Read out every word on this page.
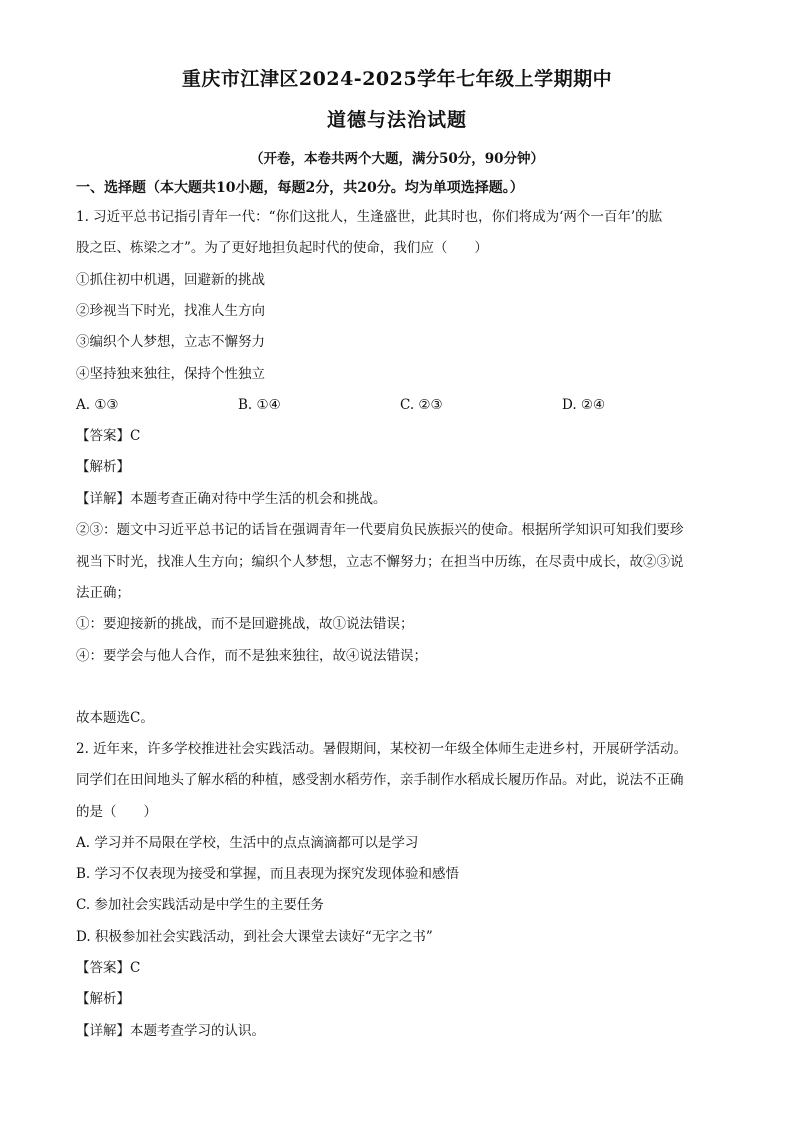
重庆市江津区2024-2025学年七年级上学期期中
道德与法治试题
（开卷，本卷共两个大题，满分50分，90分钟）
一、选择题（本大题共10小题，每题2分，共20分。均为单项选择题。）
1. 习近平总书记指引青年一代：“你们这批人，生逢盛世，此其时也，你们将成为‘两个一百年’的肱
股之臣、栋梁之才”。为了更好地担负起时代的使命，我们应（　　）
①抓住初中机遇，回避新的挑战
②珍视当下时光，找准人生方向
③编织个人梦想，立志不懈努力
④坚持独来独往，保持个性独立
A. ①③	B. ①④	C. ②③	D. ②④
【答案】C
【解析】
【详解】本题考查正确对待中学生活的机会和挑战。
②③：题文中习近平总书记的话旨在强调青年一代要肩负民族振兴的使命。根据所学知识可知我们要珍
视当下时光，找准人生方向；编织个人梦想，立志不懈努力；在担当中历练，在尽责中成长，故②③说
法正确；
①：要迎接新的挑战，而不是回避挑战，故①说法错误；
④：要学会与他人合作，而不是独来独往，故④说法错误；
故本题选C。
2. 近年来，许多学校推进社会实践活动。暑假期间，某校初一年级全体师生走进乡村，开展研学活动。
同学们在田间地头了解水稻的种植，感受割水稻劳作，亲手制作水稻成长履历作品。对此，说法不正确
的是（　　）
A. 学习并不局限在学校，生活中的点点滴滴都可以是学习
B. 学习不仅表现为接受和掌握，而且表现为探究发现体验和感悟
C. 参加社会实践活动是中学生的主要任务
D. 积极参加社会实践活动，到社会大课堂去读好“无字之书”
【答案】C
【解析】
【详解】本题考查学习的认识。
